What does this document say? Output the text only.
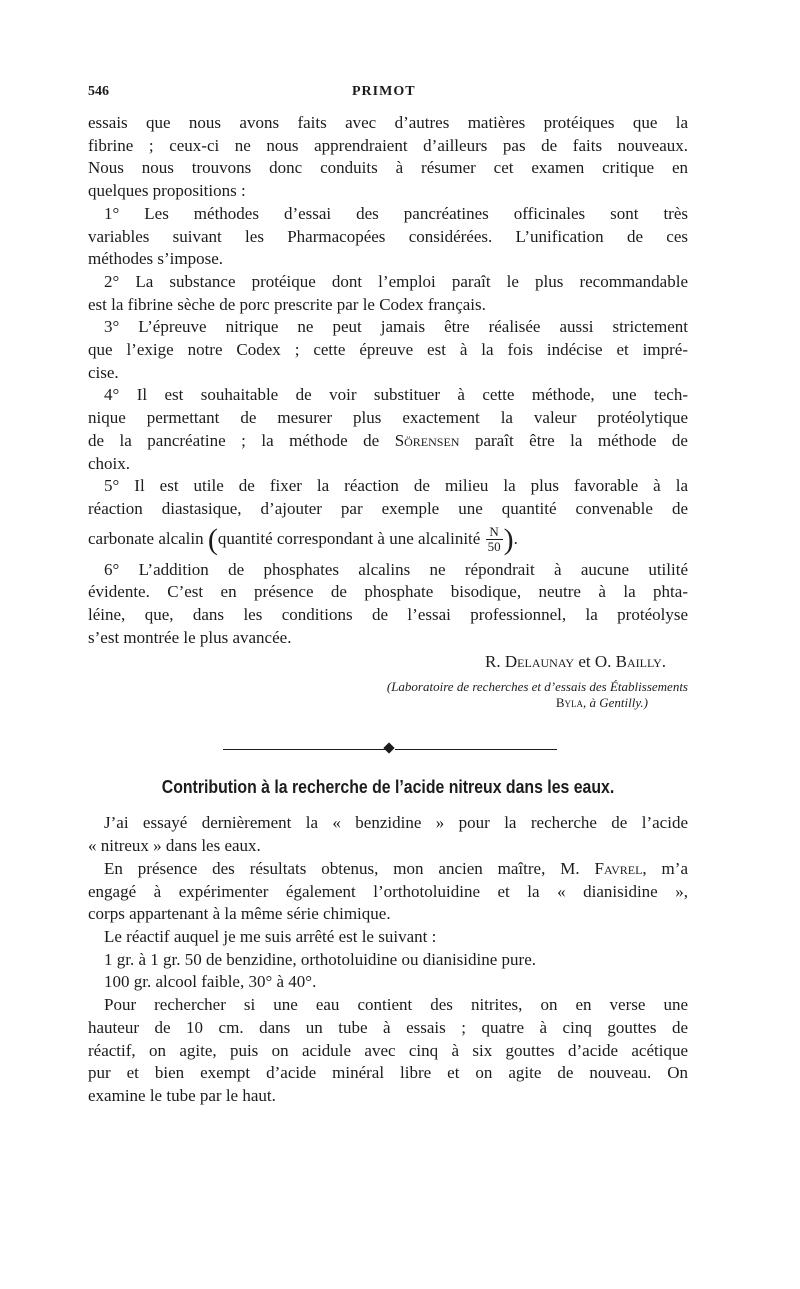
546	PRIMOT
essais que nous avons faits avec d’autres matières protéiques que la
fibrine ; ceux-ci ne nous apprendraient d’ailleurs pas de faits nouveaux.
Nous nous trouvons donc conduits à résumer cet examen critique en
quelques propositions :
1° Les méthodes d’essai des pancréatines officinales sont très
variables suivant les Pharmacopées considérées. L’unification de ces
méthodes s’impose.
2° La substance protéique dont l’emploi paraît le plus recommandable
est la fibrine sèche de porc prescrite par le Codex français.
3° L’épreuve nitrique ne peut jamais être réalisée aussi strictement
que l’exige notre Codex ; cette épreuve est à la fois indécise et impré-
cise.
4° Il est souhaitable de voir substituer à cette méthode, une tech-
nique permettant de mesurer plus exactement la valeur protéolytique
de la pancréatine ; la méthode de Sörensen paraît être la méthode de
choix.
5° Il est utile de fixer la réaction de milieu la plus favorable à la
réaction diastasique, d’ajouter par exemple une quantité convenable de
carbonate alcalin (quantité correspondant à une alcalinité $\frac{N}{50}$ ).
6° L’addition de phosphates alcalins ne répondrait à aucune utilité
évidente. C’est en présence de phosphate bisodique, neutre à la phta-
léine, que, dans les conditions de l’essai professionnel, la protéolyse
s’est montrée le plus avancée.
R. Delaunay et O. Bailly.
(Laboratoire de recherches et d’essais des Établissements
Byla, à Gentilly.)
Contribution à la recherche de l’acide nitreux dans les eaux.
J’ai essayé dernièrement la « benzidine » pour la recherche de l’acide
« nitreux » dans les eaux.
En présence des résultats obtenus, mon ancien maître, M. Favrel, m’a
engagé à expérimenter également l’orthotoluidine et la « dianisidine »,
corps appartenant à la même série chimique.
Le réactif auquel je me suis arrêté est le suivant :
1 gr. à 1 gr. 50 de benzidine, orthotoluidine ou dianisidine pure.
100 gr. alcool faible, 30° à 40°.
Pour rechercher si une eau contient des nitrites, on en verse une
hauteur de 10 cm. dans un tube à essais ; quatre à cinq gouttes de
réactif, on agite, puis on acidule avec cinq à six gouttes d’acide acétique
pur et bien exempt d’acide minéral libre et on agite de nouveau. On
examine le tube par le haut.
